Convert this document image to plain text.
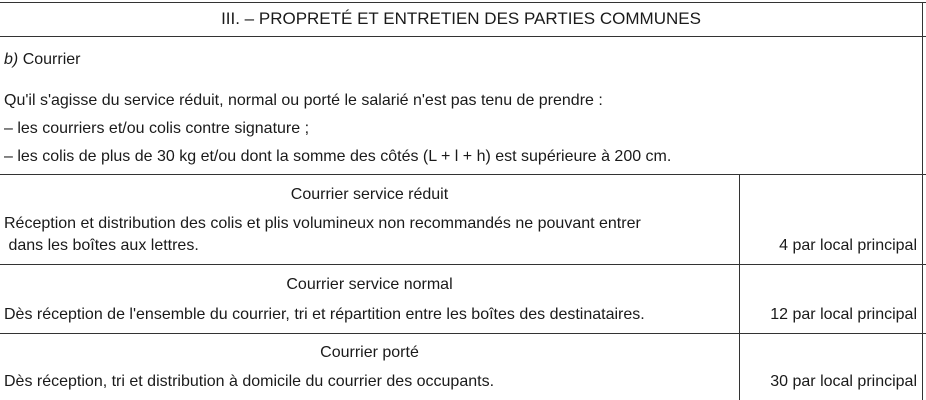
III. – PROPRETÉ ET ENTRETIEN DES PARTIES COMMUNES
b) Courrier
Qu'il s'agisse du service réduit, normal ou porté le salarié n'est pas tenu de prendre :
– les courriers et/ou colis contre signature ;
– les colis de plus de 30 kg et/ou dont la somme des côtés (L + l + h) est supérieure à 200 cm.
Courrier service réduit
Réception et distribution des colis et plis volumineux non recommandés ne pouvant entrer
dans les boîtes aux lettres.	4 par local principal
Courrier service normal
Dès réception de l'ensemble du courrier, tri et répartition entre les boîtes des destinataires.	12 par local principal
Courrier porté
Dès réception, tri et distribution à domicile du courrier des occupants.	30 par local principal
